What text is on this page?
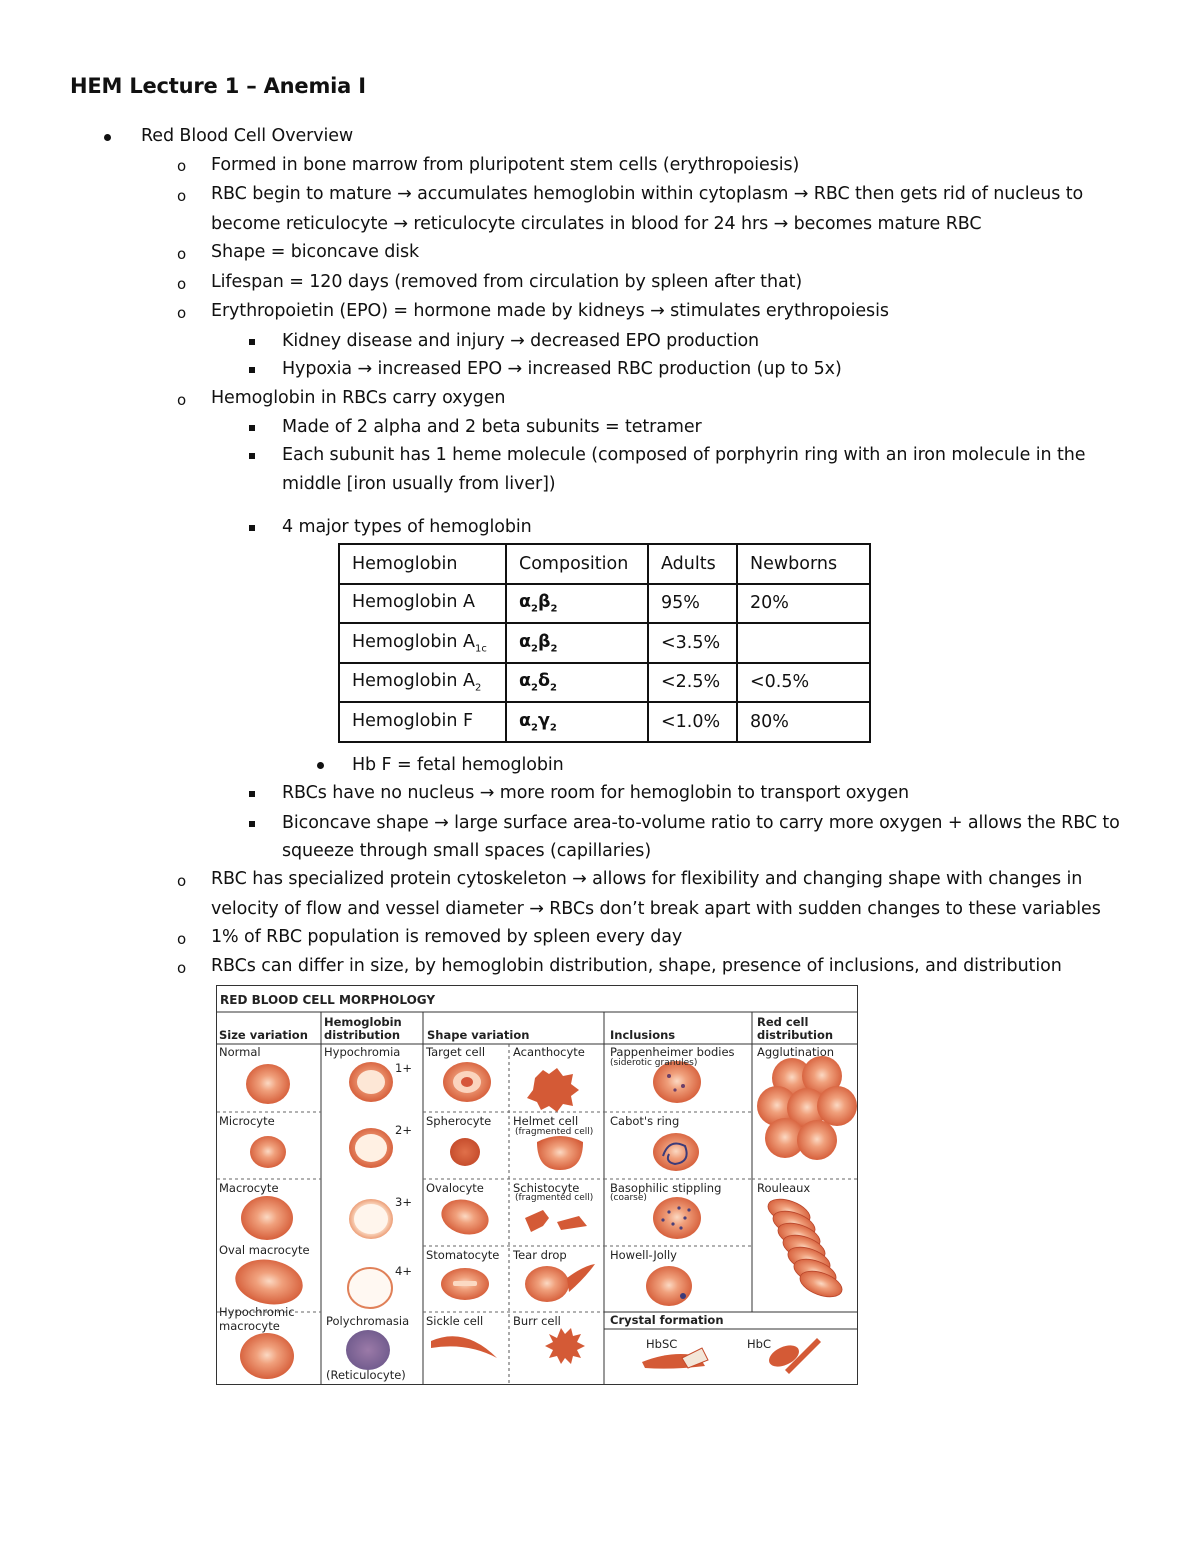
HEM Lecture 1 – Anemia I
Red Blood Cell Overview
o Formed in bone marrow from pluripotent stem cells (erythropoiesis)
o RBC begin to mature → accumulates hemoglobin within cytoplasm → RBC then gets rid of nucleus to
become reticulocyte → reticulocyte circulates in blood for 24 hrs → becomes mature RBC
o Shape = biconcave disk
o Lifespan = 120 days (removed from circulation by spleen after that)
o Erythropoietin (EPO) = hormone made by kidneys → stimulates erythropoiesis
Kidney disease and injury → decreased EPO production
Hypoxia → increased EPO → increased RBC production (up to 5x)
o Hemoglobin in RBCs carry oxygen
Made of 2 alpha and 2 beta subunits = tetramer
Each subunit has 1 heme molecule (composed of porphyrin ring with an iron molecule in the
middle [iron usually from liver])
4 major types of hemoglobin
Hemoglobin	Composition	Adults	Newborns
Hemoglobin A	$\alpha_2\beta_2$	95%	20%
Hemoglobin $A_{1c}$	$\alpha_2\beta_2$	<3.5%	
Hemoglobin $A_2$	$\alpha_2\delta_2$	<2.5%	<0.5%
Hemoglobin F	$\alpha_2\gamma_2$	<1.0%	80%
Hb F = fetal hemoglobin
RBCs have no nucleus → more room for hemoglobin to transport oxygen
Biconcave shape → large surface area-to-volume ratio to carry more oxygen + allows the RBC to
squeeze through small spaces (capillaries)
o RBC has specialized protein cytoskeleton → allows for flexibility and changing shape with changes in
velocity of flow and vessel diameter → RBCs don’t break apart with sudden changes to these variables
o 1% of RBC population is removed by spleen every day
o RBCs can differ in size, by hemoglobin distribution, shape, presence of inclusions, and distribution
RED BLOOD CELL MORPHOLOGY
Size variation
Hemoglobin
distribution Shape variation	Inclusions
Red cell
distribution
Crystal formation
Normal
Microcyte
Macrocyte
Oval macrocyte
Hypochromic
macrocyte
Hypochromia
1+
2+
3+
4+
Polychromasia
(Reticulocyte)
Target cell Acanthocyte
Spherocyte Helmet cell
(fragmented cell)
Ovalocyte	Schistocyte
(fragmented cell)
Stomatocyte Tear drop
Sickle cell	Burr cell
Pappenheimer bodies
(siderotic granules)
Cabot's ring
Basophilic stippling
(coarse)
Howell-Jolly
Agglutination
Rouleaux
HbSC	HbC
